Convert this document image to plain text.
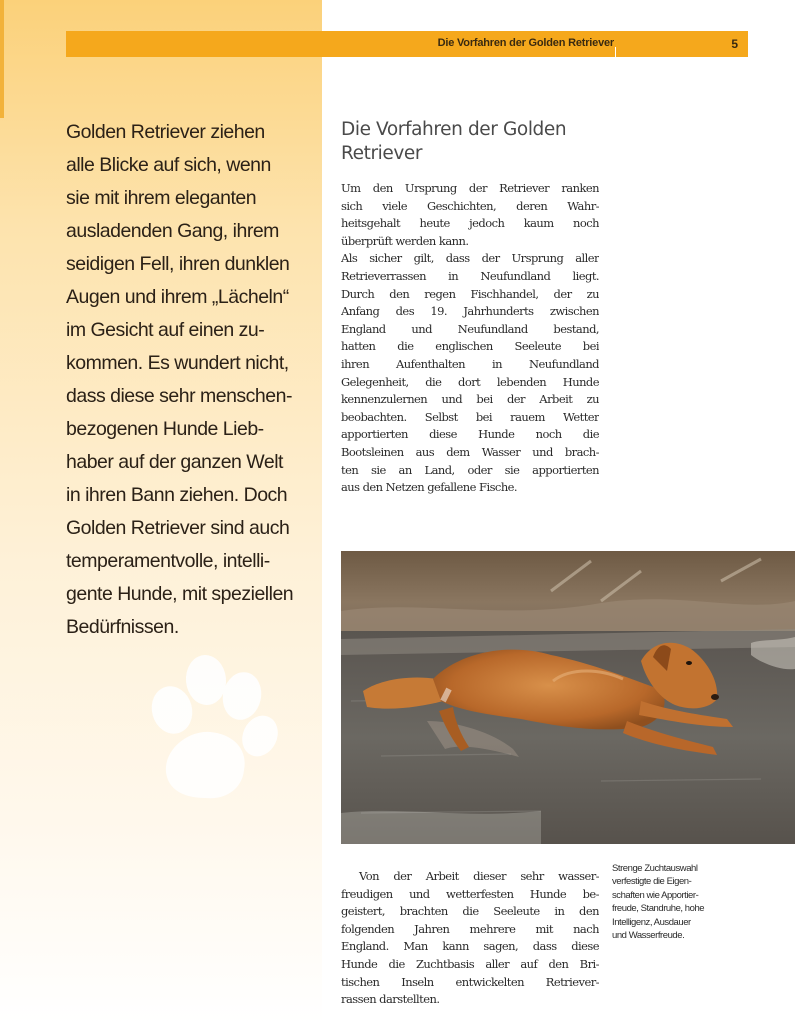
Die Vorfahren der Golden Retriever	5

Golden Retriever ziehen
alle Blicke auf sich, wenn
sie mit ihrem eleganten
ausladenden Gang, ihrem
seidigen Fell, ihren dunklen
Augen und ihrem „Lächeln“
im Gesicht auf einen zu-
kommen. Es wundert nicht,
dass diese sehr menschen-
bezogenen Hunde Lieb-
haber auf der ganzen Welt
in ihren Bann ziehen. Doch
Golden Retriever sind auch
temperamentvolle, intelli-
gente Hunde, mit speziellen
Bedürfnissen.

Die Vorfahren der Golden
Retriever
Um den Ursprung der Retriever ranken
sich viele Geschichten, deren Wahr-
heitsgehalt heute jedoch kaum noch
überprüft werden kann.
Als sicher gilt, dass der Ursprung aller
Retrieverrassen in Neufundland liegt.
Durch den regen Fischhandel, der zu
Anfang des 19. Jahrhunderts zwischen
England und Neufundland bestand,
hatten die englischen Seeleute bei
ihren Aufenthalten in Neufundland
Gelegenheit, die dort lebenden Hunde
kennenzulernen und bei der Arbeit zu
beobachten. Selbst bei rauem Wetter
apportierten diese Hunde noch die
Bootsleinen aus dem Wasser und brach-
ten sie an Land, oder sie apportierten
aus den Netzen gefallene Fische.
Von der Arbeit dieser sehr wasser-
freudigen und wetterfesten Hunde be-
geistert, brachten die Seeleute in den
folgenden Jahren mehrere mit nach
England. Man kann sagen, dass diese
Hunde die Zuchtbasis aller auf den Bri-
tischen Inseln entwickelten Retriever-
rassen darstellten.
Strenge Zuchtauswahl
verfestigte die Eigen-
schaften wie Apportier-
freude, Standruhe, hohe
Intelligenz, Ausdauer
und Wasserfreude.
